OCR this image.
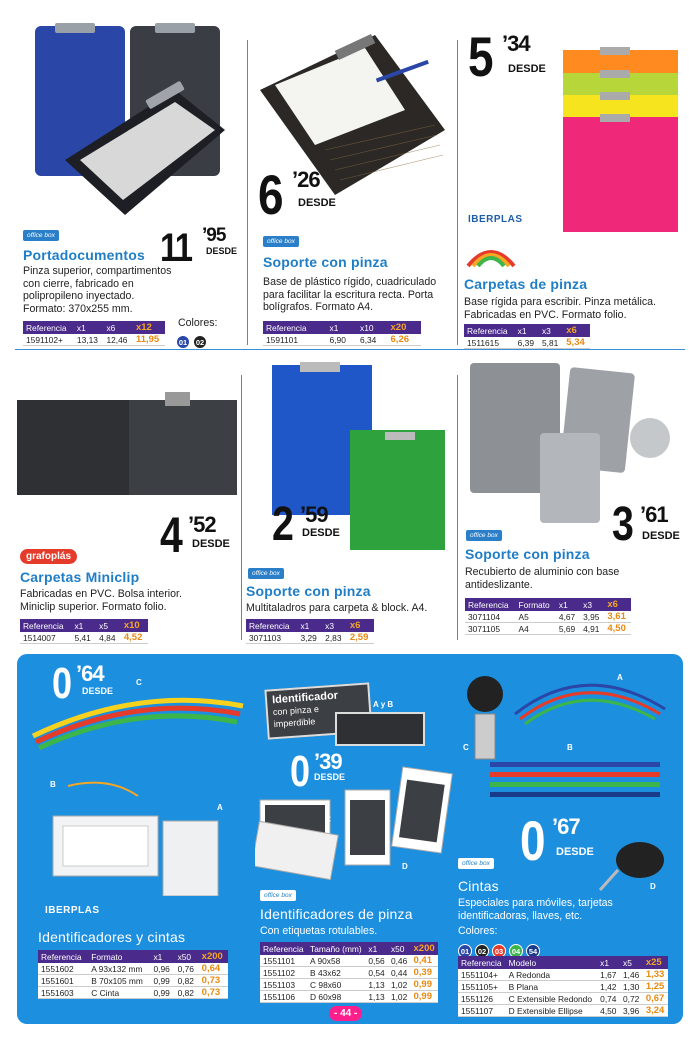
office box	11 ’95
DESDE
Portadocumentos
Pinza superior, compartimentos
con cierre, fabricado en
polipropileno inyectado.
Formato: 370x255 mm.
Referencia	x1	x6	x12
1591102+	13,13	12,46	11,95
Colores:
01 02
6 ’26
DESDE
office box
Soporte con pinza
Base de plástico rígido, cuadriculado
para facilitar la escritura recta. Porta
bolígrafos. Formato A4.
Referencia	x1	x10	x20
1591101	6,90	6,34	6,26
5 ’34
DESDE
IBERPLAS
Carpetas de pinza
Base rígida para escribir. Pinza metálica.
Fabricadas en PVC. Formato folio.
Referencia	x1	x3	x6
1511615	6,39	5,81	5,34
4 ’52
DESDE
grafoplás
Carpetas Miniclip
Fabricadas en PVC. Bolsa interior.
Miniclip superior. Formato folio.
Referencia	x1	x5	x10
1514007	5,41	4,84	4,52
2 ’59
DESDE
office box
Soporte con pinza
Multitaladros para carpeta & block. A4.
Referencia	x1	x3	x6
3071103	3,29	2,83	2,59
office box 3 ’61
DESDE
Soporte con pinza
Recubierto de aluminio con base
antideslizante.
Referencia	Formato	x1	x3	x6
3071104	A5	4,67	3,95	3,61
3071105	A4	5,69	4,91	4,50
0 ’64
DESDE
C
B
A
IBERPLAS
Identificadores y cintas
Referencia	Formato	x1	x50	x200
1551602	A 93x132 mm	0,96	0,76	0,64
1551601	B 70x105 mm	0,99	0,82	0,73
1551603	C Cinta	0,99	0,82	0,73
Identificador
con pinza e
imperdible
A y B
0 ’39
DESDE
C
D
office box
Identificadores de pinza
Con etiquetas rotulables.
Referencia	Tamaño (mm)	x1	x50	x200
1551101	A 90x58	0,56	0,46	0,41
1551102	B 43x62	0,54	0,44	0,39
1551103	C 98x60	1,13	1,02	0,99
1551106	D 60x98	1,13	1,02	0,99
A
C	B
0 ’67
DESDE
D
office box
Cintas
Especiales para móviles, tarjetas
identificadoras, llaves, etc.
Colores:
01 02 03 04 54
Referencia	Modelo	x1	x5	x25
1551104+	A Redonda	1,67	1,46	1,33
1551105+	B Plana	1,42	1,30	1,25
1551126	C Extensible Redondo	0,74	0,72	0,67
1551107	D Extensible Ellipse	4,50	3,96	3,24
- 44 -
